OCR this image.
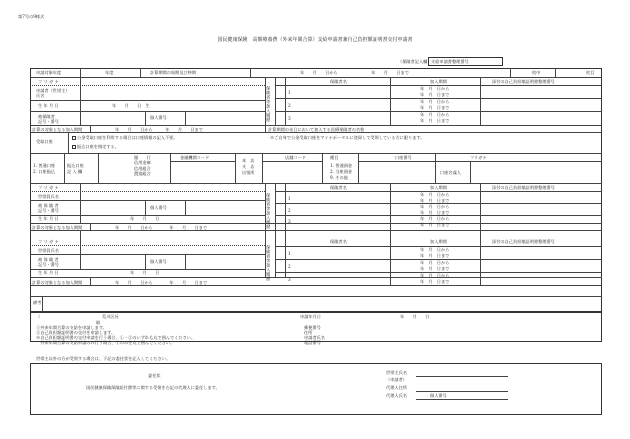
第7号の9様式
国民健康保険　高額療養費（外来年間合算）支給申請書兼自己負担額証明書交付申請書
（保険者記入欄） 支給申請書整理番号
申請対象年度	年度	計算期間の始期及び終期	年　　月　　日から　　　　　　　　年　　月　　日まで	枚中	枚目
フ リ ガ ナ
申請者（世帯主）
氏名
生 年 月 日	年　　月　　日　生
被保険者
記号・番号
個人番号
計算の対象となる加入期間	年　　月　　日から　　　年　　月　　日まで
保険者等加入履歴
保険者名	加入期間	添付の自己負担額証明書整理番号
1
年　月　日から
年　月　日まで
2
年　月　日から
年　月　日まで
3
年　月　日から
年　月　日まで
計算期間の末日において加入する医療保険者の名称
受取口座
公金受取口座を利用する場合は口座情報の記入不要。	※ご自身で公金受取口座をマイナポータルに登録して受領している方に限ります。
振込口座を指定する。
1. 普通口座
2. 口座振込
振込口座
記 入 欄
銀　　行
信用金庫
信用組合
農協組合
金融機関コード
本　店
支　店
出張所
店舗コード	種目
1. 普通預金
2. 当座預金
9. その他
口座番号	フリガナ
口座名義人
フ リ ガ ナ
世帯員氏名
被 保 険 者
記号・番号
個人番号
生 年 月 日	年　　月　　日
計算の対象となる加入期間	年　　月　　日から　　　　年　　月　　日まで	保険者等加入履歴
保険者名	加入期間	添付の自己負担額証明書整理番号
1
年　月　日から
年　月　日まで
2
年　月　日から
年　月　日まで
3
年　月　日から
年　月　日まで
フ リ ガ ナ
世帯員氏名
被 保 険 者
記号・番号
個人番号
生 年 月 日	年　　月　　日
計算の対象となる加入期間	年　　月　　日から　　　　年　　月　　日まで
保険者等加入履歴
保険者名	加入期間	添付の自己負担額証明書整理番号
1
年　月　日から
年　月　日まで
2
年　月　日から
年　月　日まで
3
年　月　日から
年　月　日まで
備考
（	荒川区長
殿
申請年月日	年　　月　　日
①外来年間合算の支給を申請します。
②自己負担額証明書の交付を申請します。
※自己負担額証明書の交付申請を行う場合、①・②のいずれも丸で囲んでください。
　外来年間合算の支給申請のみ行う場合、①のみを丸で囲んでください。
郵便番号
住所
申請者氏名
電話番号
世帯主以外の方が受領する場合は、下記の委任状を記入してください。
委任状
国民健康保険保険給付費等に関する受領を右記の代理人に委任します。
世帯主氏名
（申請者）
代理人住所
代理人氏名	個人番号
